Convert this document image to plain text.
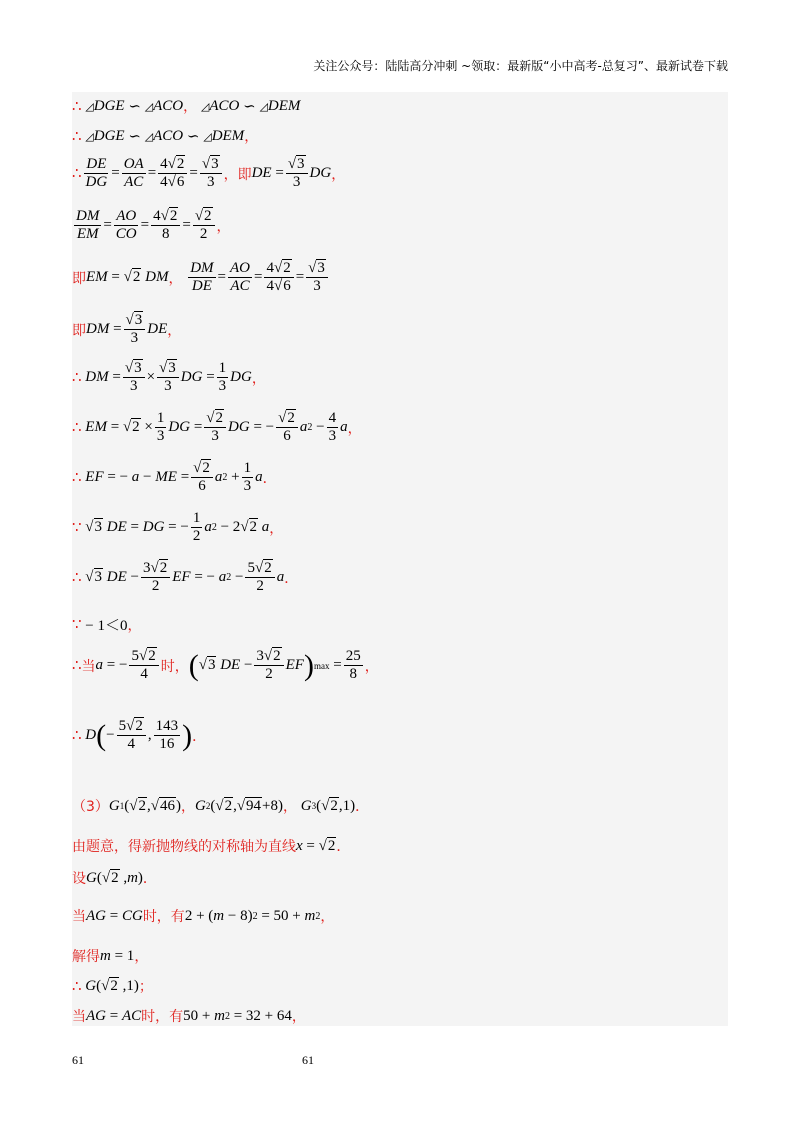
关注公众号：陆陆高分冲刺 ~领取：最新版“小中高考-总复习”、最新试卷下载
∴
◿ DGE ∽ ◿ ACO ，
◿ ACO ∽ ◿ DEM
∴
◿ DGE ∽ ◿ ACO ∽ ◿ DEM ，
∴ $\frac{DE}{DG} = \frac{OA}{AC} = \frac{4√2}{4√6} = \frac{√3}{3}$ ，即 DE = $\frac{√3}{3}$ DG ，
$\frac{DM}{EM} = \frac{AO}{CO} = \frac{4√2}{8} = \frac{√2}{2}$ ，
即 EM = √2
DM ，
$\frac{DM}{DE} = \frac{AO}{AC} = \frac{4√2}{4√6} = \frac{√3}{3}$
即 DM = $\frac{√3}{3}$ DE ，
∴
DM = $\frac{√3}{3} \times \frac{√3}{3}$ DG = $\frac{1}{3}$ DG ，
∴
EM = $√2 \times \frac{1}{3}$ DG = $\frac{√2}{3}$ DG = − $\frac{√2}{6}$ a $2 - \frac{4}{3}$ a ，
∴
EF = − a − ME = $\frac{√2}{6}$ a $2 + \frac{1}{3}$ a ．
∵
√3
DE = DG = − $\frac{1}{2}$ a 2 − 2 √2
a ，
∴
√3
DE − $\frac{3√2}{2}$ EF = − a $2 - \frac{5√2}{2}$ a ．
∵ − 1＜0 ，
∴ 当 a = − $\frac{5√2}{4}$ 时， ( √3
DE − $\frac{3√2}{2}$ EF ) $\max = \frac{25}{8}$ ，
∴
D ( − $\frac{5√2}{4}$ , $\frac{143}{16}$ ) ．
（3） G 1 ( √2 , √46 ) ， G 2 ( √2 , √94 +8) ，
G 3 ( √2 ,1) ．
由题意，得新抛物线的对称轴为直线 x = √2 ．
设 G ( √2 , m ) ．
当 AG = CG 时，有 2 + ( m − 8) 2 = 50 + m 2 ，
解得 m = 1 ，
∴
G ( √2 ,1) ；
当 AG = AC 时，有 50 + m 2 = 32 + 64 ，
61	61
